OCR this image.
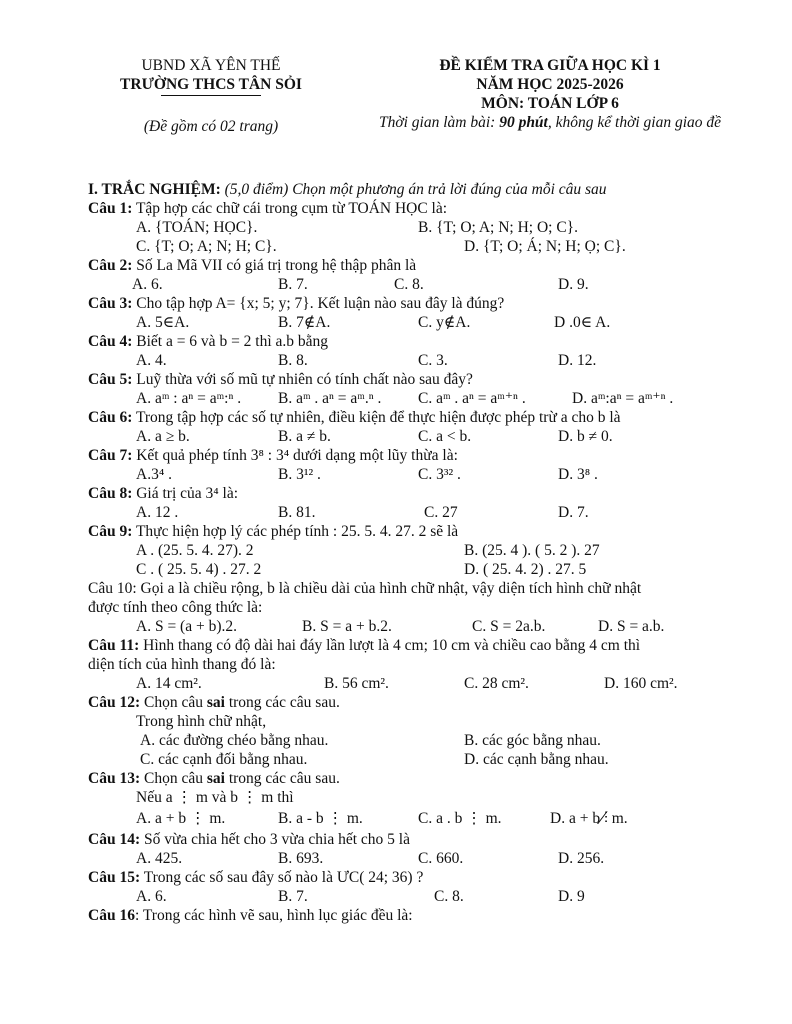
UBND XÃ YÊN THẾ
TRƯỜNG THCS TÂN SỎI
(Đề gồm có 02 trang)
ĐỀ KIỂM TRA GIỮA HỌC KÌ 1
NĂM HỌC 2025-2026
MÔN: TOÁN LỚP 6
Thời gian làm bài: 90 phút, không kể thời gian giao đề
I. TRẮC NGHIỆM: (5,0 điểm) Chọn một phương án trả lời đúng của mỗi câu sau
Câu 1: Tập hợp các chữ cái trong cụm từ TOÁN HỌC là:
A. {TOÁN; HỌC}.	B. {T; O; A; N; H; O; C}.
C. {T; O; A; N; H; C}.	D. {T; O; Á; N; H; Ọ; C}.
Câu 2: Số La Mã VII có giá trị trong hệ thập phân là
A. 6.	B. 7.	C. 8.	D. 9.
Câu 3: Cho tập hợp A= {x; 5; y; 7}. Kết luận nào sau đây là đúng?
A. 5∈A.	B. 7∉A.	C. y∉A.	D .0∈ A.
Câu 4: Biết a = 6 và b = 2 thì a.b bằng
A. 4.	B. 8.	C. 3.	D. 12.
Câu 5: Luỹ thừa với số mũ tự nhiên có tính chất nào sau đây?
A. aᵐ : aⁿ = aᵐ:ⁿ . B. aᵐ . aⁿ = aᵐ.ⁿ . C. aᵐ . aⁿ = aᵐ⁺ⁿ .	D. aᵐ:aⁿ = aᵐ⁺ⁿ .
Câu 6: Trong tập hợp các số tự nhiên, điều kiện để thực hiện được phép trừ a cho b là
A. a ≥ b.	B. a ≠ b.	C. a < b.	D. b ≠ 0.
Câu 7: Kết quả phép tính 3⁸ : 3⁴ dưới dạng một lũy thừa là:
A.3⁴ .	B. 3¹² .	C. 3³² .	D. 3⁸ .
Câu 8: Giá trị của 3⁴ là:
A. 12 .	B. 81.	C. 27	D. 7.
Câu 9: Thực hiện hợp lý các phép tính : 25. 5. 4. 27. 2 sẽ là
A . (25. 5. 4. 27). 2	B. (25. 4 ). ( 5. 2 ). 27
C . ( 25. 5. 4) . 27. 2	D. ( 25. 4. 2) . 27. 5
Câu 10: Gọi a là chiều rộng, b là chiều dài của hình chữ nhật, vậy diện tích hình chữ nhật
được tính theo công thức là:
A. S = (a + b).2.	B. S = a + b.2.	C. S = 2a.b.	D. S = a.b.
Câu 11: Hình thang có độ dài hai đáy lần lượt là 4 cm; 10 cm và chiều cao bằng 4 cm thì
diện tích của hình thang đó là:
A. 14 cm².	B. 56 cm².	C. 28 cm².	D. 160 cm².
Câu 12: Chọn câu sai trong các câu sau.
Trong hình chữ nhật,
A. các đường chéo bằng nhau.	B. các góc bằng nhau.
C. các cạnh đối bằng nhau.	D. các cạnh bằng nhau.
Câu 13: Chọn câu sai trong các câu sau.
Nếu a ⋮ m và b ⋮ m thì
A. a + b ⋮ m.	B. a - b ⋮ m.	C. a . b ⋮ m.	D. a + b ⫶̸ m.
Câu 14: Số vừa chia hết cho 3 vừa chia hết cho 5 là
A. 425.	B. 693.	C. 660.	D. 256.
Câu 15: Trong các số sau đây số nào là ƯC( 24; 36) ?
A. 6.	B. 7.	C. 8.	D. 9
Câu 16: Trong các hình vẽ sau, hình lục giác đều là:
